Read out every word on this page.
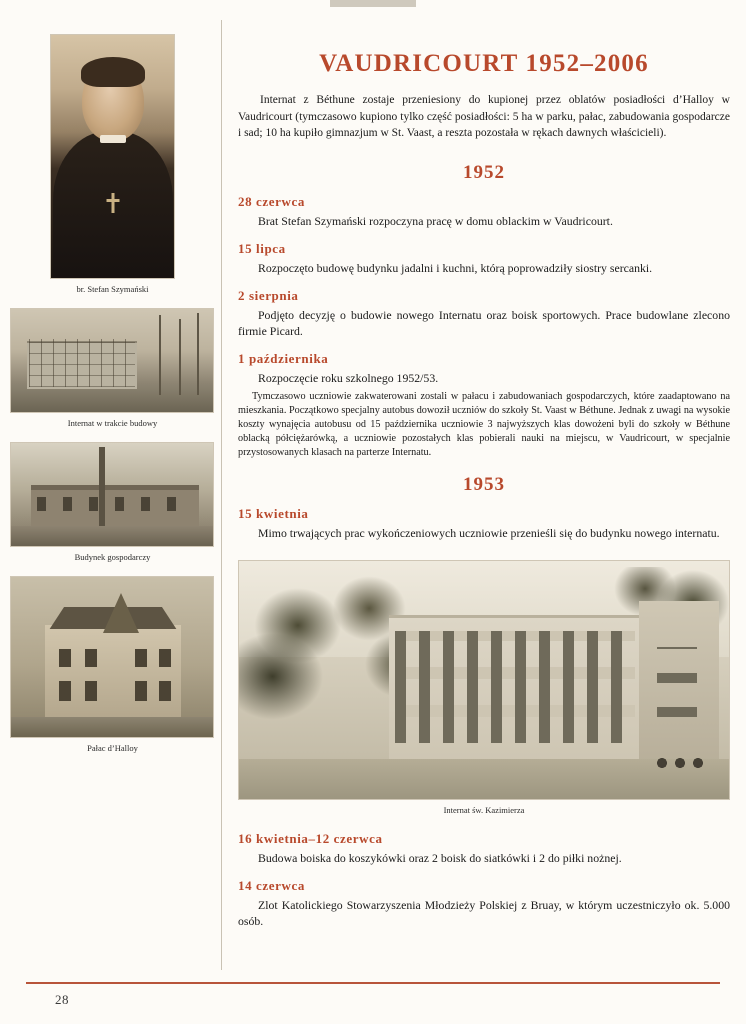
br. Stefan Szymański
Internat w trakcie budowy
Budynek gospodarczy
Pałac d’Halloy
VAUDRICOURT 1952–2006

Internat z Béthune zostaje przeniesiony do kupionej przez oblatów posiadłości d’Halloy w Vaudricourt (tymczasowo kupiono tylko część posiadłości: 5 ha w parku, pałac, zabudowania gospodarcze i sad; 10 ha kupiło gimnazjum w St. Vaast, a reszta pozostała w rękach dawnych właścicieli).

1952
28 czerwca
Brat Stefan Szymański rozpoczyna pracę w domu oblackim w Vaudricourt.
15 lipca
Rozpoczęto budowę budynku jadalni i kuchni, którą poprowadziły siostry sercanki.
2 sierpnia
Podjęto decyzję o budowie nowego Internatu oraz boisk sportowych. Prace budowlane zlecono firmie Picard.
1 października
Rozpoczęcie roku szkolnego 1952/53.
Tymczasowo uczniowie zakwaterowani zostali w pałacu i zabudowaniach gospodarczych, które zaadaptowano na mieszkania. Początkowo specjalny autobus dowoził uczniów do szkoły St. Vaast w Béthune. Jednak z uwagi na wysokie koszty wynajęcia autobusu od 15 października uczniowie 3 najwyższych klas dowożeni byli do szkoły w Béthune oblacką półciężarówką, a uczniowie pozostałych klas pobierali nauki na miejscu, w Vaudricourt, w specjalnie przystosowanych klasach na parterze Internatu.
1953
15 kwietnia
Mimo trwających prac wykończeniowych uczniowie przenieśli się do budynku nowego internatu.
Internat św. Kazimierza
16 kwietnia–12 czerwca
Budowa boiska do koszykówki oraz 2 boisk do siatkówki i 2 do piłki nożnej.
14 czerwca
Zlot Katolickiego Stowarzyszenia Młodzieży Polskiej z Bruay, w którym uczestniczyło ok. 5.000 osób.
28
